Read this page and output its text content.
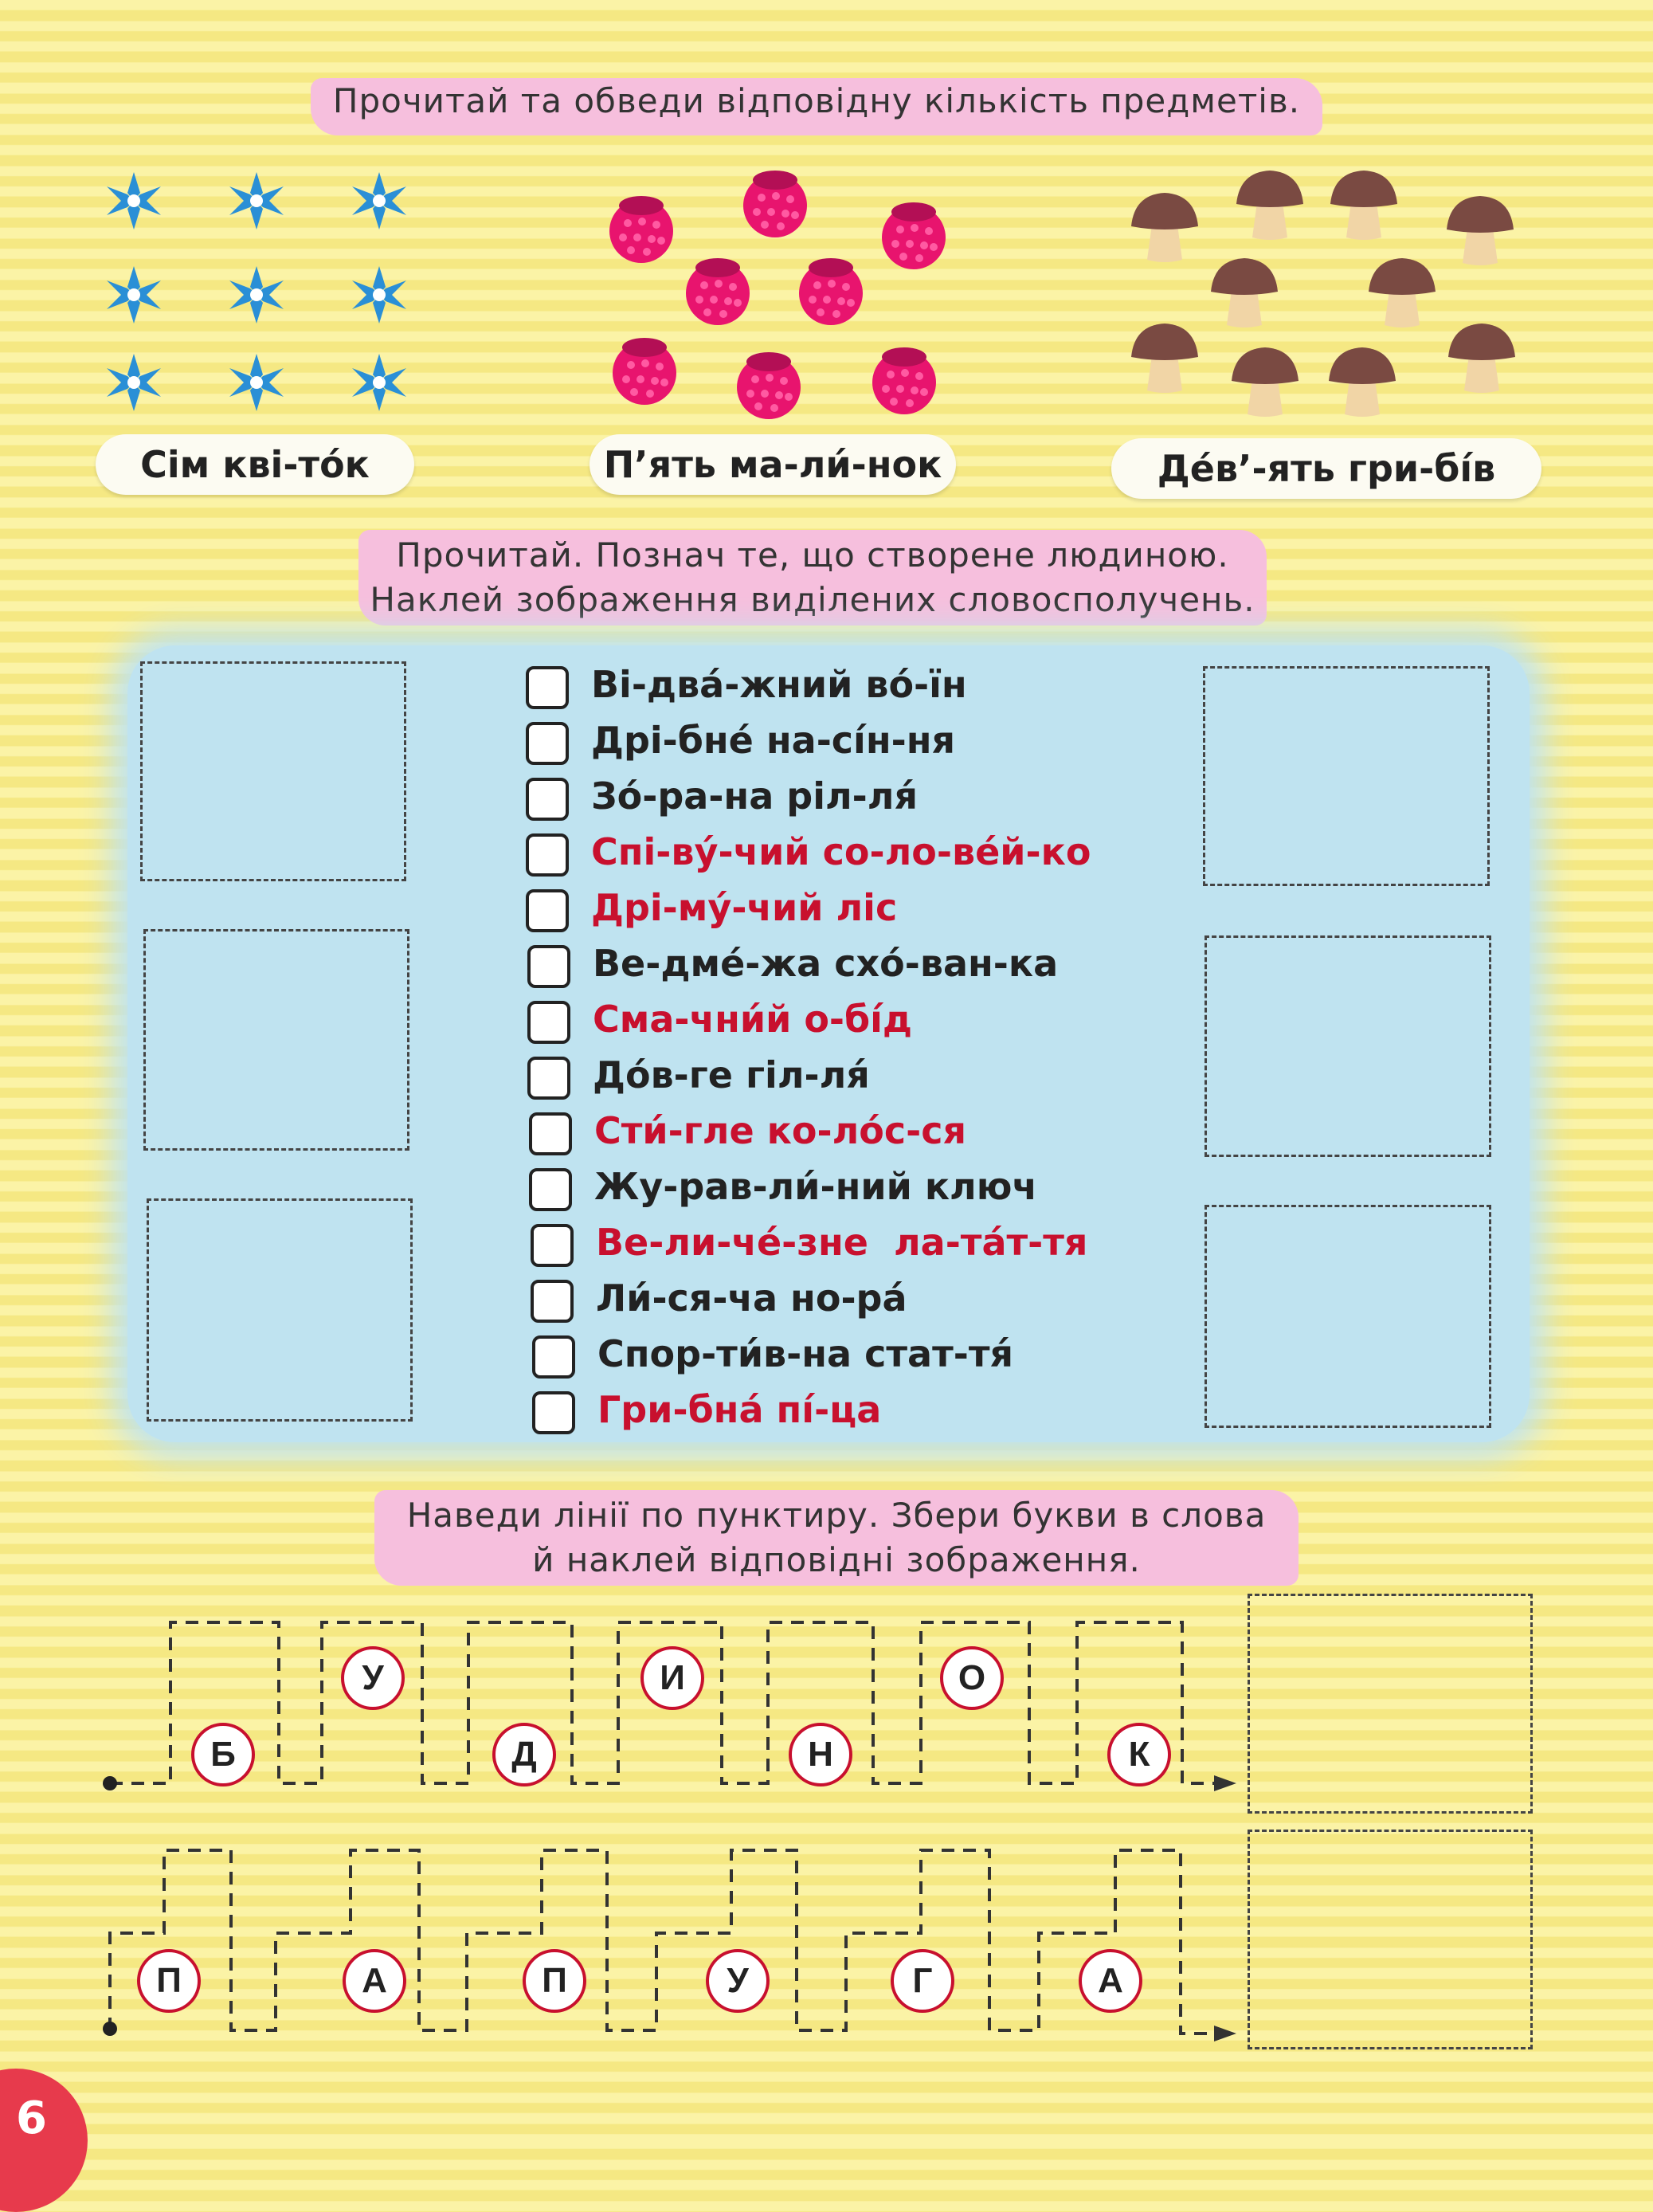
Прочитай та обведи відповідну кількість предметів.
Сім кві-то́к	П’ять ма-ли́-нок	Де́в’-ять гри-бі́в
Прочитай. Познач те, що створене людиною.
Наклей зображення виділених словосполучень.
Ві-два́-жний во́-їн
Дрі-бне́ на-сі́н-ня
Зо́-ра-на ріл-ля́
Спі-ву́-чий со-ло-ве́й-ко
Дрі-му́-чий ліс
Ве-дме́-жа схо́-ван-ка
Сма-чни́й о-бі́д
До́в-ге гіл-ля́
Сти́-гле ко-ло́с-ся
Жу-рав-ли́-ний ключ
Ве-ли-че́-зне  ла-та́т-тя
Ли́-ся-ча но-ра́
Спор-ти́в-на стат-тя́
Гри-бна́ пі́-ца
Наведи лінії по пунктиру. Збери букви в слова
й наклей відповідні зображення.
Б
У
Д
И
Н
О
К
П	А	П	У	Г	А
6
